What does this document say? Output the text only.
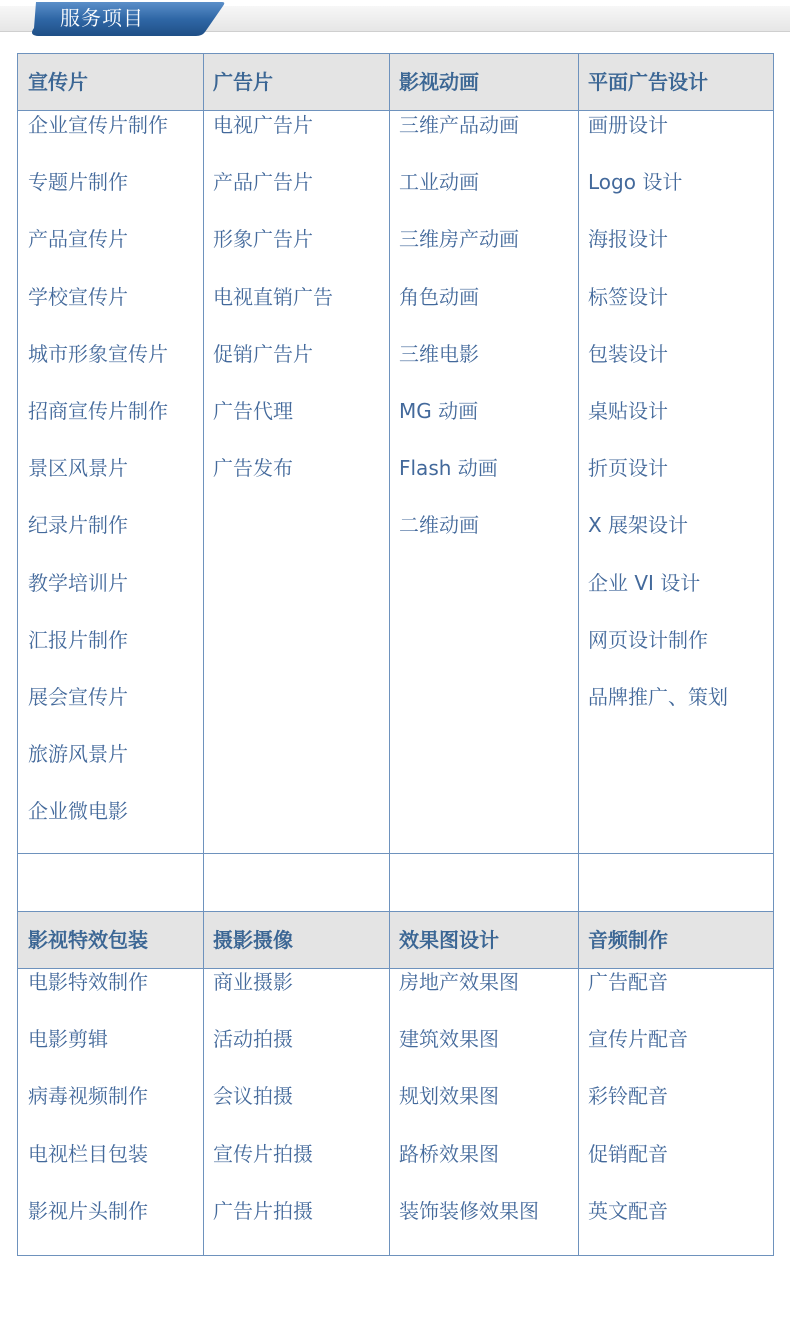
服务项目
宣传片
企业宣传片制作
专题片制作
产品宣传片
学校宣传片
城市形象宣传片
招商宣传片制作
景区风景片
纪录片制作
教学培训片
汇报片制作
展会宣传片
旅游风景片
企业微电影
广告片
电视广告片
产品广告片
形象广告片
电视直销广告
促销广告片
广告代理
广告发布
影视动画
三维产品动画
工业动画
三维房产动画
角色动画
三维电影
MG 动画
Flash 动画
二维动画
平面广告设计
画册设计
Logo 设计
海报设计
标签设计
包装设计
桌贴设计
折页设计
X 展架设计
企业 VI 设计
网页设计制作
品牌推广、策划
影视特效包装
电影特效制作
电影剪辑
病毒视频制作
电视栏目包装
影视片头制作
摄影摄像
商业摄影
活动拍摄
会议拍摄
宣传片拍摄
广告片拍摄
效果图设计
房地产效果图
建筑效果图
规划效果图
路桥效果图
装饰装修效果图
音频制作
广告配音
宣传片配音
彩铃配音
促销配音
英文配音
